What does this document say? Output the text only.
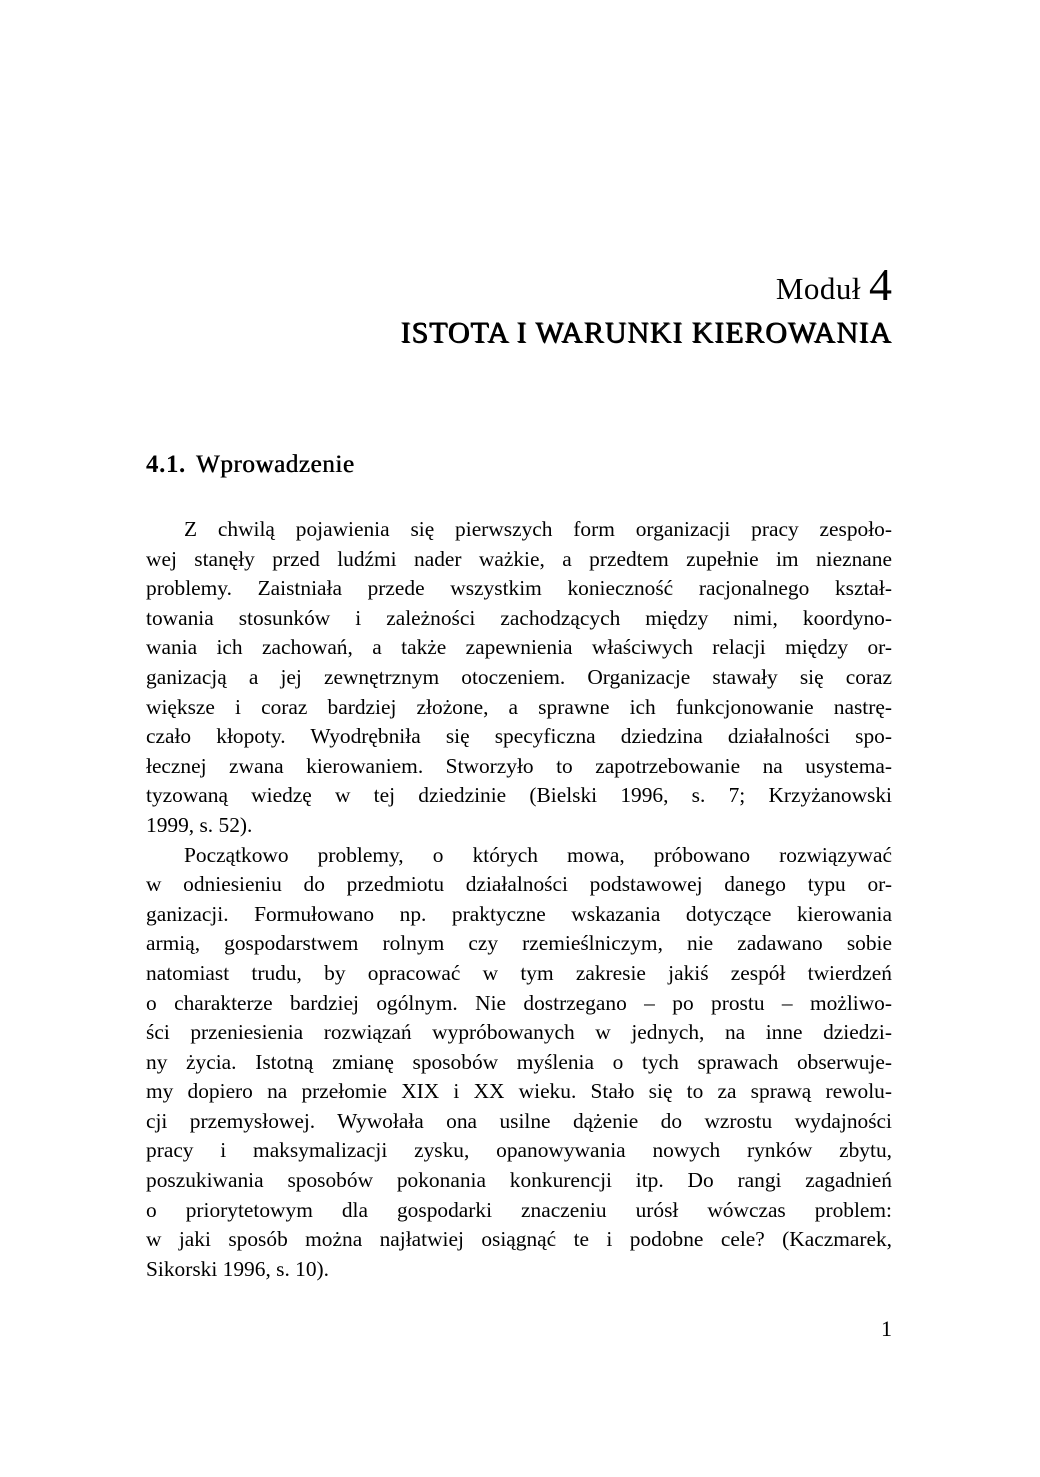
Moduł 4
ISTOTA I WARUNKI KIEROWANIA
4.1. Wprowadzenie
Z chwilą pojawienia się pierwszych form organizacji pracy zespoło-
wej stanęły przed ludźmi nader ważkie, a przedtem zupełnie im nieznane
problemy. Zaistniała przede wszystkim konieczność racjonalnego kształ-
towania stosunków i zależności zachodzących między nimi, koordyno-
wania ich zachowań, a także zapewnienia właściwych relacji między or-
ganizacją a jej zewnętrznym otoczeniem. Organizacje stawały się coraz
większe i coraz bardziej złożone, a sprawne ich funkcjonowanie nastrę-
czało kłopoty. Wyodrębniła się specyficzna dziedzina działalności spo-
łecznej zwana kierowaniem. Stworzyło to zapotrzebowanie na usystema-
tyzowaną wiedzę w tej dziedzinie (Bielski 1996, s. 7; Krzyżanowski
1999, s. 52).
Początkowo problemy, o których mowa, próbowano rozwiązywać
w odniesieniu do przedmiotu działalności podstawowej danego typu or-
ganizacji. Formułowano np. praktyczne wskazania dotyczące kierowania
armią, gospodarstwem rolnym czy rzemieślniczym, nie zadawano sobie
natomiast trudu, by opracować w tym zakresie jakiś zespół twierdzeń
o charakterze bardziej ogólnym. Nie dostrzegano – po prostu – możliwo-
ści przeniesienia rozwiązań wypróbowanych w jednych, na inne dziedzi-
ny życia. Istotną zmianę sposobów myślenia o tych sprawach obserwuje-
my dopiero na przełomie XIX i XX wieku. Stało się to za sprawą rewolu-
cji przemysłowej. Wywołała ona usilne dążenie do wzrostu wydajności
pracy i maksymalizacji zysku, opanowywania nowych rynków zbytu,
poszukiwania sposobów pokonania konkurencji itp. Do rangi zagadnień
o priorytetowym dla gospodarki znaczeniu urósł wówczas problem:
w jaki sposób można najłatwiej osiągnąć te i podobne cele? (Kaczmarek,
Sikorski 1996, s. 10).
1
